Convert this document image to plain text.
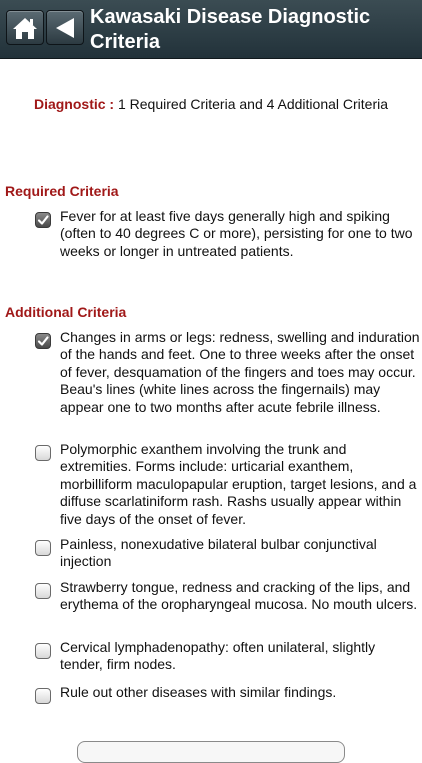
Kawasaki Disease Diagnostic Criteria
Diagnostic : 1 Required Criteria and 4 Additional Criteria
Required Criteria
Fever for at least five days generally high and spiking (often to 40 degrees C or more), persisting for one to two weeks or longer in untreated patients.
Additional Criteria
Changes in arms or legs: redness, swelling and induration of the hands and feet. One to three weeks after the onset of fever, desquamation of the fingers and toes may occur. Beau's lines (white lines across the fingernails) may appear one to two months after acute febrile illness.
Polymorphic exanthem involving the trunk and extremities. Forms include: urticarial exanthem, morbilliform maculopapular eruption, target lesions, and a diffuse scarlatiniform rash. Rashs usually appear within five days of the onset of fever.
Painless, nonexudative bilateral bulbar conjunctival injection
Strawberry tongue, redness and cracking of the lips, and erythema of the oropharyngeal mucosa. No mouth ulcers.
Cervical lymphadenopathy: often unilateral, slightly tender, firm nodes.
Rule out other diseases with similar findings.
